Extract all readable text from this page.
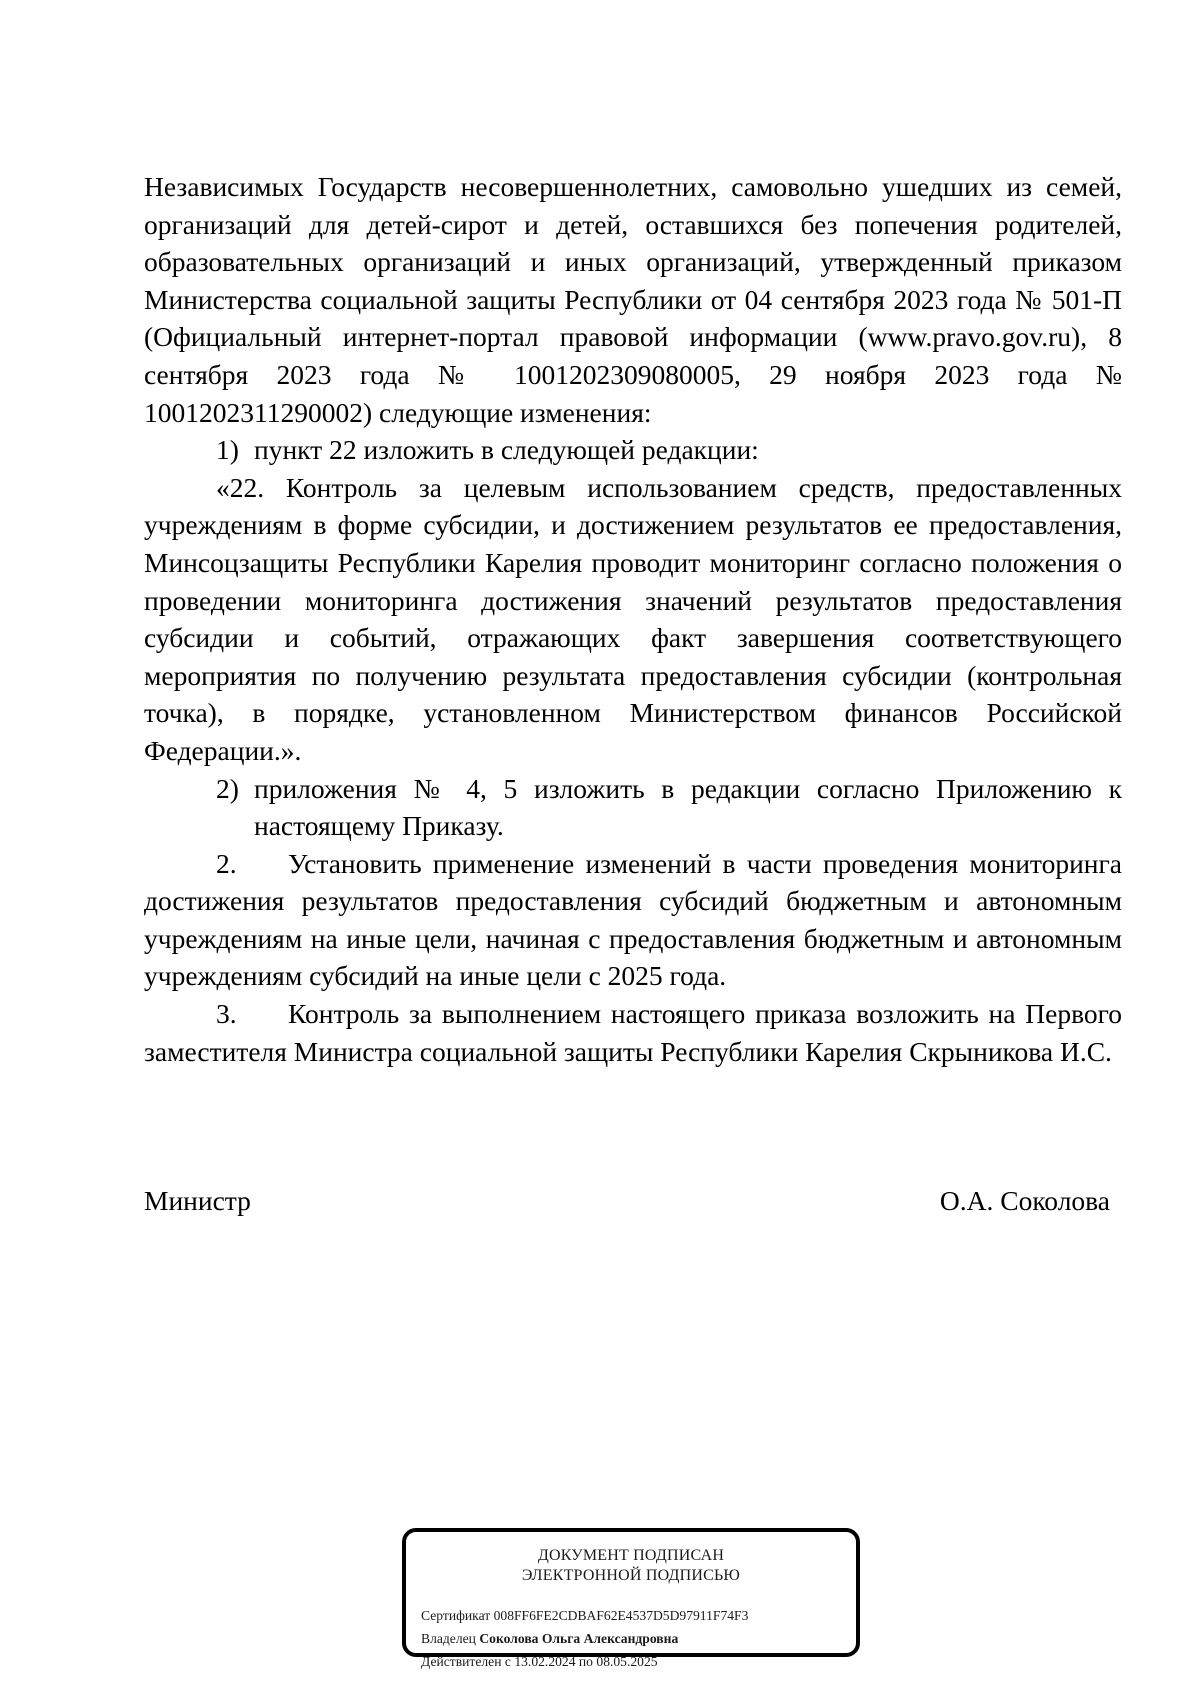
Независимых Государств несовершеннолетних, самовольно ушедших из семей, организаций для детей-сирот и детей, оставшихся без попечения родителей, образовательных организаций и иных организаций, утвержденный приказом Министерства социальной защиты Республики от 04 сентября 2023 года № 501-П (Официальный интернет-портал правовой информации (www.pravo.gov.ru), 8 сентября 2023 года № 1001202309080005, 29 ноября 2023 года № 1001202311290002) следующие изменения:

1) пункт 22 изложить в следующей редакции:

«22. Контроль за целевым использованием средств, предоставленных учреждениям в форме субсидии, и достижением результатов ее предоставления, Минсоцзащиты Республики Карелия проводит мониторинг согласно положения о проведении мониторинга достижения значений результатов предоставления субсидии и событий, отражающих факт завершения соответствующего мероприятия по получению результата предоставления субсидии (контрольная точка), в порядке, установленном Министерством финансов Российской Федерации.».

2) приложения № 4, 5 изложить в редакции согласно Приложению к настоящему Приказу.

2. Установить применение изменений в части проведения мониторинга достижения результатов предоставления субсидий бюджетным и автономным учреждениям на иные цели, начиная с предоставления бюджетным и автономным учреждениям субсидий на иные цели с 2025 года.

3. Контроль за выполнением настоящего приказа возложить на Первого заместителя Министра социальной защиты Республики Карелия Скрыникова И.С.

Министр	О.А. Соколова
ДОКУМЕНТ ПОДПИСАН
ЭЛЕКТРОННОЙ ПОДПИСЬЮ
Сертификат 008FF6FE2CDBAF62E4537D5D97911F74F3
Владелец Соколова Ольга Александровна
Действителен с 13.02.2024 по 08.05.2025
